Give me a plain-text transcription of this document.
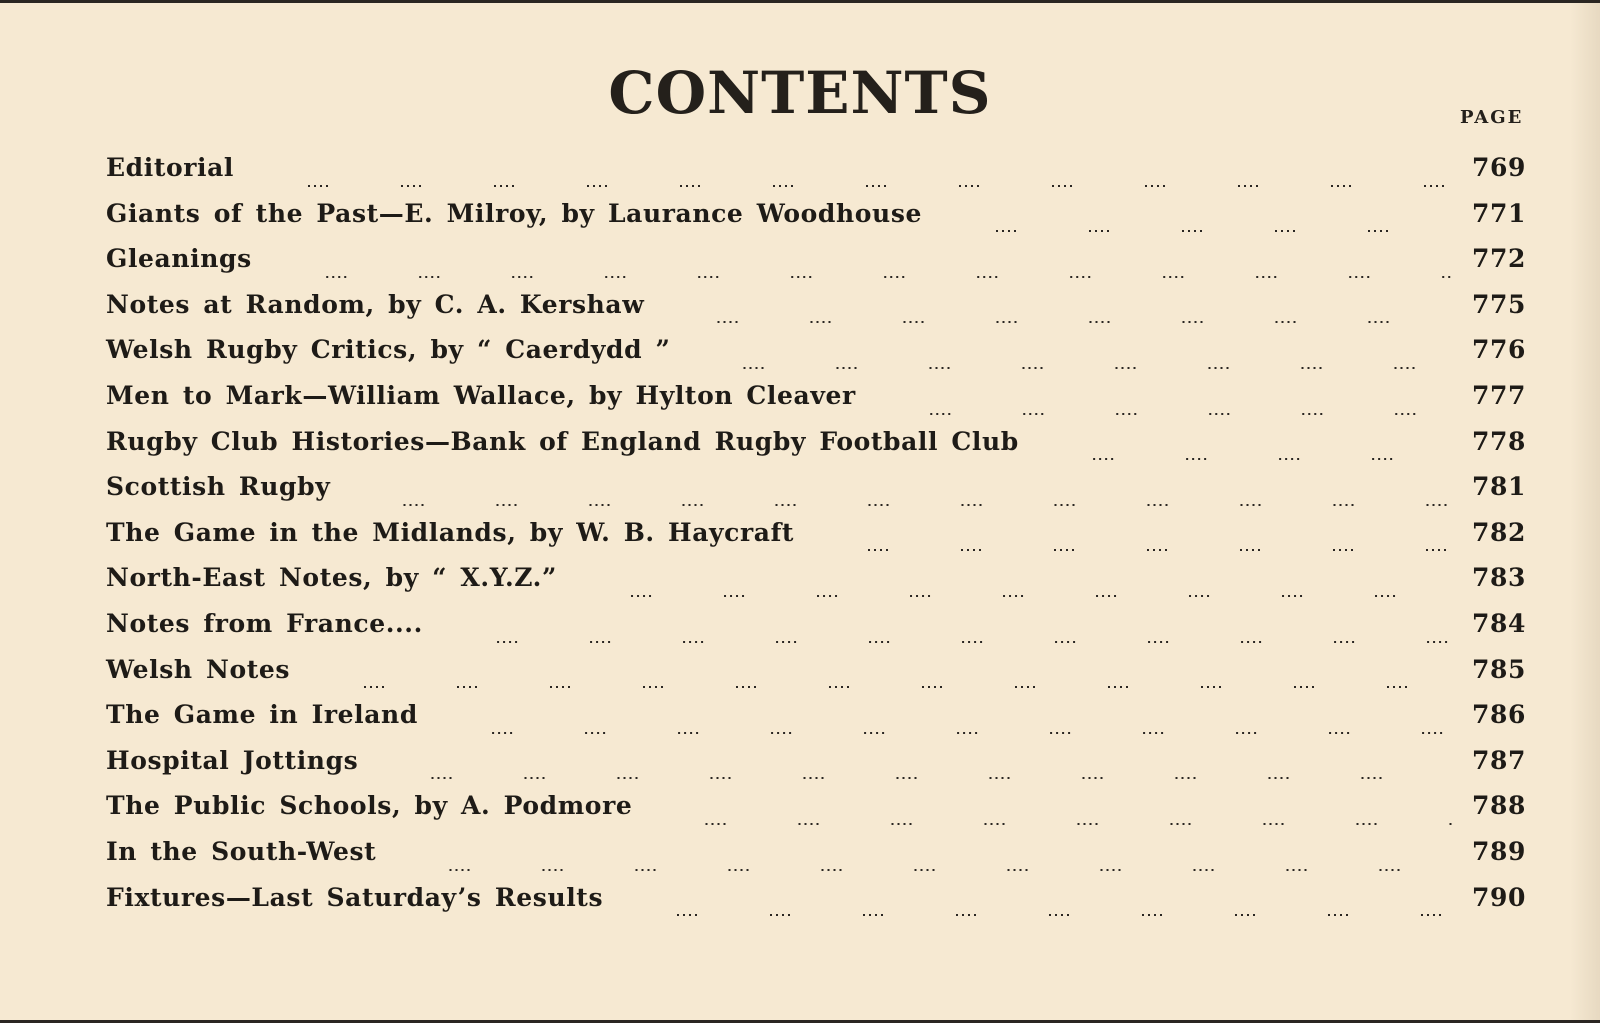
CONTENTS	PAGE
Editorial	769
Giants of the Past—E. Milroy, by Laurance Woodhouse	771
Gleanings	772
Notes at Random, by C. A. Kershaw	775
Welsh Rugby Critics, by “ Caerdydd ”	776
Men to Mark—William Wallace, by Hylton Cleaver	777
Rugby Club Histories—Bank of England Rugby Football Club	778
Scottish Rugby	781
The Game in the Midlands, by W. B. Haycraft	782
North-East Notes, by “ X.Y.Z.”	783
Notes from France....	784
Welsh Notes	785
The Game in Ireland	786
Hospital Jottings	787
The Public Schools, by A. Podmore	788
In the South-West	789
Fixtures—Last Saturday’s Results	790
